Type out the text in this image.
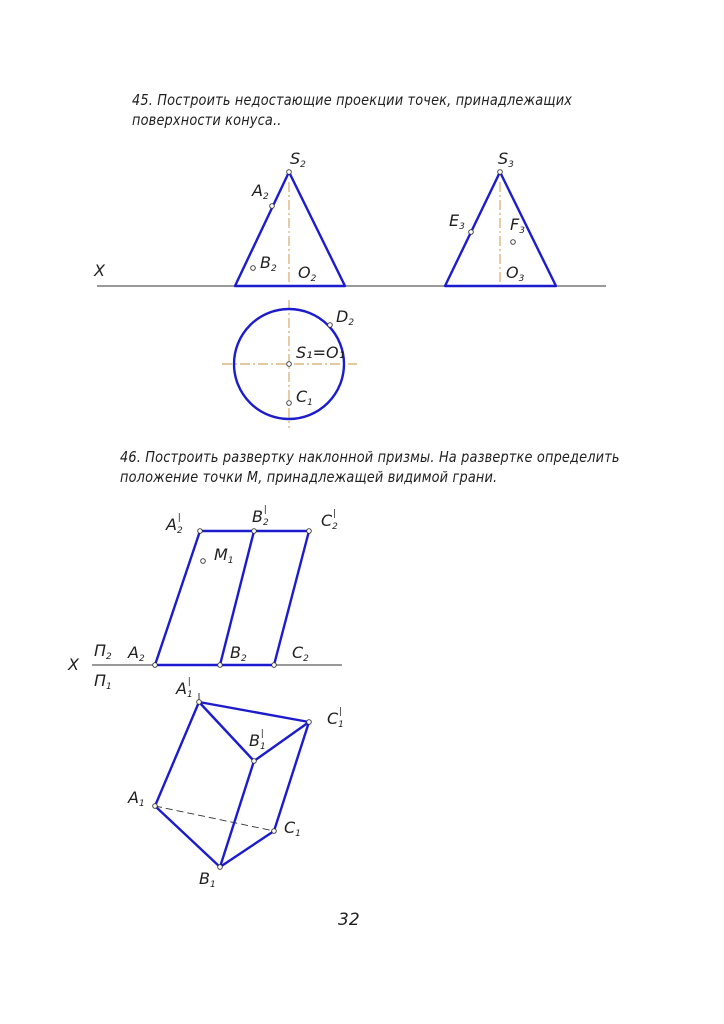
45. Построить недостающие проекции точек, принадлежащих
поверхности конуса..
46. Построить развертку наклонной призмы. На развертке определить
положение точки М, принадлежащей видимой грани.
X
S2
A2
B2 O2
S3
E3	F3
O3
D2
S₁=O₁
C1
X
П2
П1
A2|	B2|
C2|
M1
A2	B2	C2
A1|
C1|
B1|
A1
C1
B1
32
